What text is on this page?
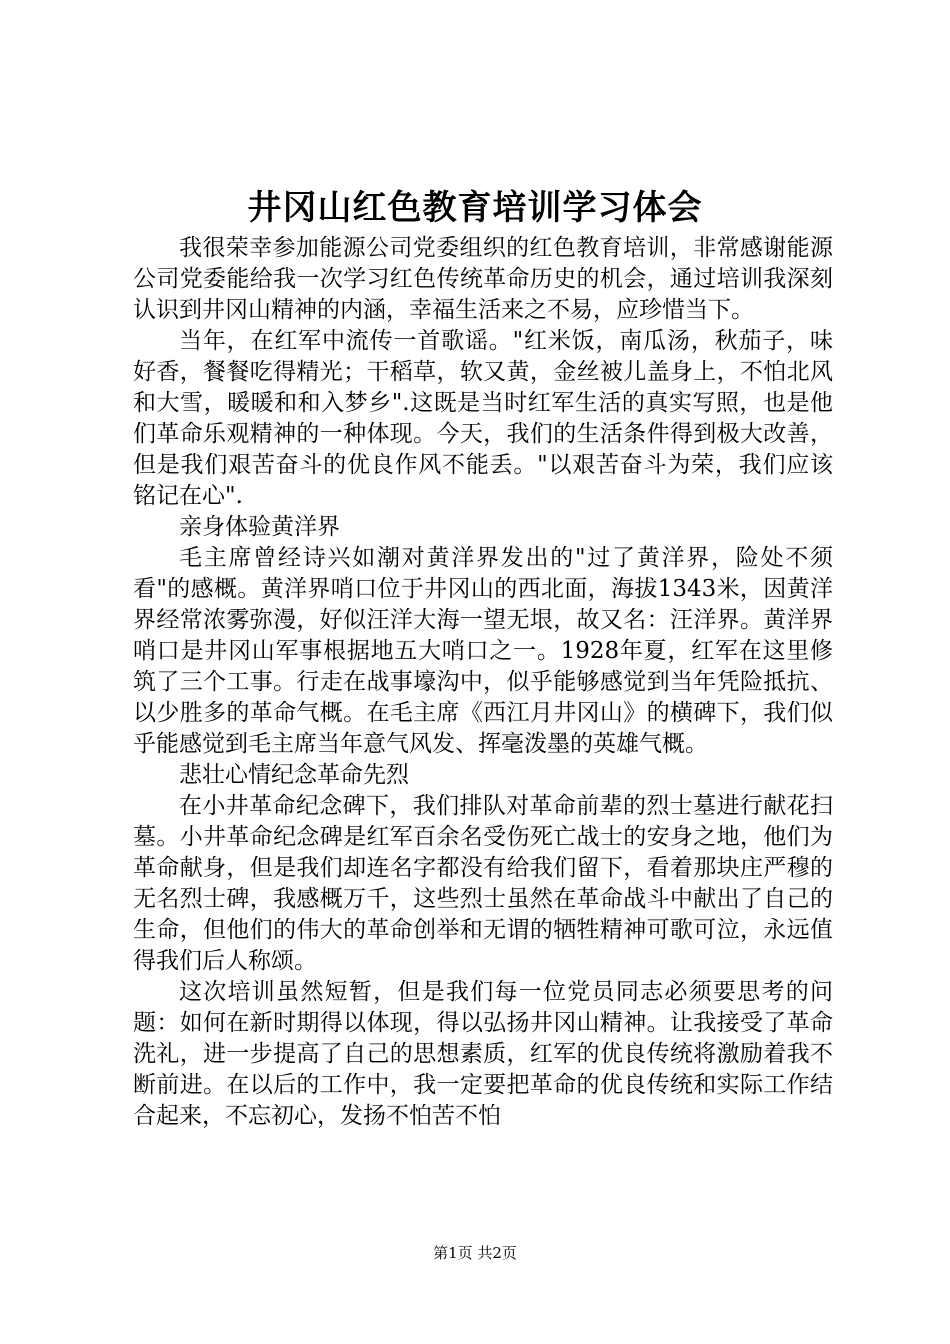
井冈山红色教育培训学习体会

我很荣幸参加能源公司党委组织的红色教育培训，非常感谢能源公司党委能给我一次学习红色传统革命历史的机会，通过培训我深刻认识到井冈山精神的内涵，幸福生活来之不易，应珍惜当下。

当年，在红军中流传一首歌谣。"红米饭，南瓜汤，秋茄子，味好香，餐餐吃得精光；干稻草，软又黄，金丝被儿盖身上，不怕北风和大雪，暖暖和和入梦乡".这既是当时红军生活的真实写照，也是他们革命乐观精神的一种体现。今天，我们的生活条件得到极大改善，但是我们艰苦奋斗的优良作风不能丢。"以艰苦奋斗为荣，我们应该铭记在心".

亲身体验黄洋界

毛主席曾经诗兴如潮对黄洋界发出的"过了黄洋界，险处不须看"的感概。黄洋界哨口位于井冈山的西北面，海拔1343米，因黄洋界经常浓雾弥漫，好似汪洋大海一望无垠，故又名：汪洋界。黄洋界哨口是井冈山军事根据地五大哨口之一。1928年夏，红军在这里修筑了三个工事。行走在战事壕沟中，似乎能够感觉到当年凭险抵抗、以少胜多的革命气概。在毛主席《西江月井冈山》的横碑下，我们似乎能感觉到毛主席当年意气风发、挥毫泼墨的英雄气概。

悲壮心情纪念革命先烈

在小井革命纪念碑下，我们排队对革命前辈的烈士墓进行献花扫墓。小井革命纪念碑是红军百余名受伤死亡战士的安身之地，他们为革命献身，但是我们却连名字都没有给我们留下，看着那块庄严穆的无名烈士碑，我感概万千，这些烈士虽然在革命战斗中献出了自己的生命，但他们的伟大的革命创举和无谓的牺牲精神可歌可泣，永远值得我们后人称颂。

这次培训虽然短暂，但是我们每一位党员同志必须要思考的问题：如何在新时期得以体现，得以弘扬井冈山精神。让我接受了革命洗礼，进一步提高了自己的思想素质，红军的优良传统将激励着我不断前进。在以后的工作中，我一定要把革命的优良传统和实际工作结合起来，不忘初心，发扬不怕苦不怕

第1页 共2页
